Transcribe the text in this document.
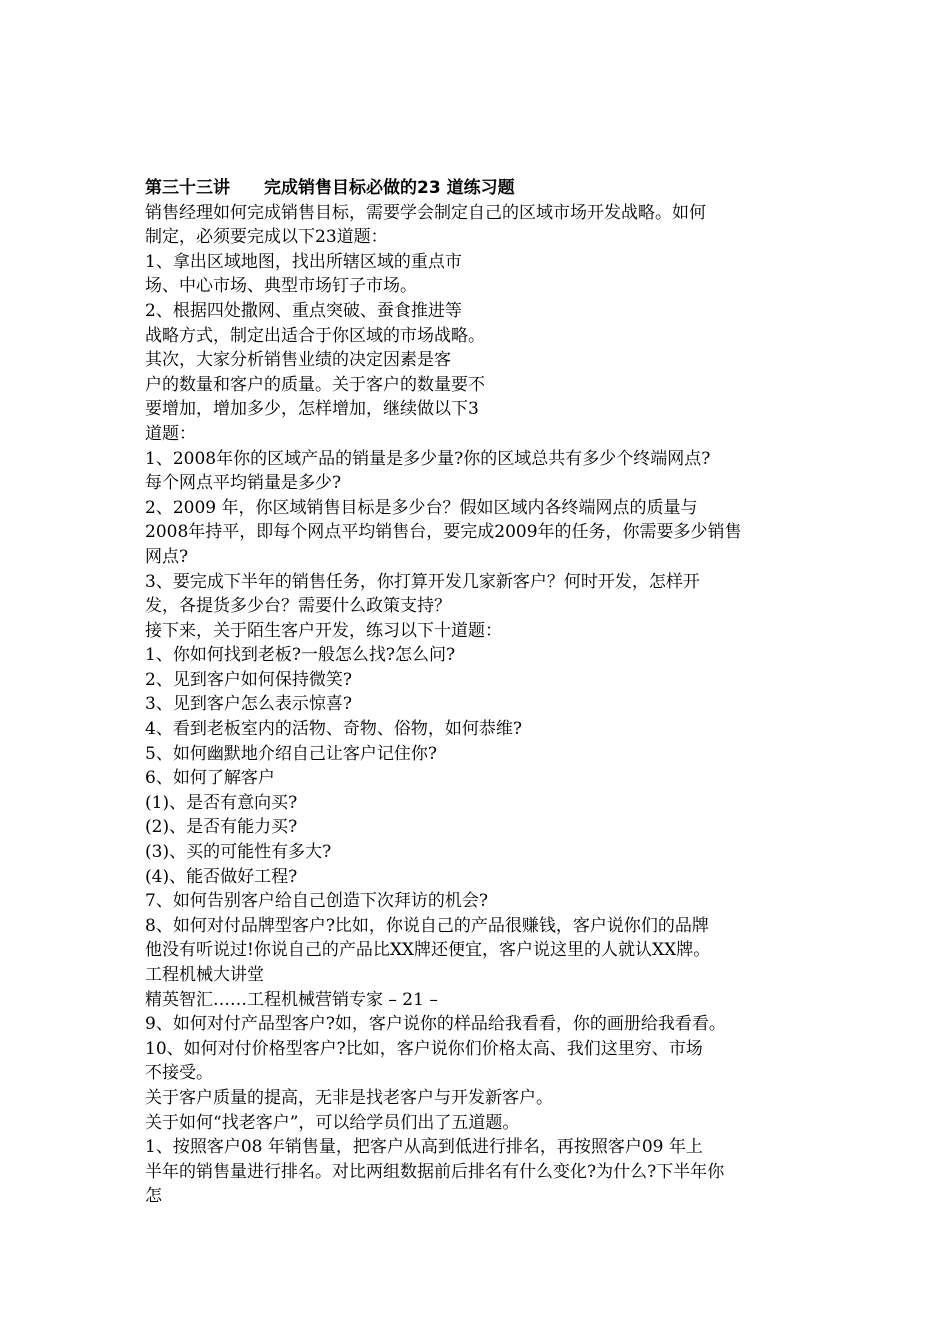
第三十三讲　　完成销售目标必做的23 道练习题
销售经理如何完成销售目标，需要学会制定自己的区域市场开发战略。如何
制定，必须要完成以下23道题：
1、拿出区域地图，找出所辖区域的重点市
场、中心市场、典型市场钉子市场。
2、根据四处撒网、重点突破、蚕食推进等
战略方式，制定出适合于你区域的市场战略。
其次，大家分析销售业绩的决定因素是客
户的数量和客户的质量。关于客户的数量要不
要增加，增加多少，怎样增加，继续做以下3
道题：
1、2008年你的区域产品的销量是多少量?你的区域总共有多少个终端网点?
每个网点平均销量是多少?
2、2009 年，你区域销售目标是多少台？假如区域内各终端网点的质量与
2008年持平，即每个网点平均销售台，要完成2009年的任务，你需要多少销售
网点?
3、要完成下半年的销售任务，你打算开发几家新客户？何时开发，怎样开
发，各提货多少台？需要什么政策支持？
接下来，关于陌生客户开发，练习以下十道题：
1、你如何找到老板?一般怎么找?怎么问?
2、见到客户如何保持微笑?
3、见到客户怎么表示惊喜?
4、看到老板室内的活物、奇物、俗物，如何恭维?
5、如何幽默地介绍自己让客户记住你?
6、如何了解客户
(1)、是否有意向买?
(2)、是否有能力买?
(3)、买的可能性有多大?
(4)、能否做好工程?
7、如何告别客户给自己创造下次拜访的机会?
8、如何对付品牌型客户?比如，你说自己的产品很赚钱，客户说你们的品牌
他没有听说过!你说自己的产品比XX牌还便宜，客户说这里的人就认XX牌。
工程机械大讲堂
精英智汇……工程机械营销专家 – 21 –
9、如何对付产品型客户?如，客户说你的样品给我看看，你的画册给我看看。
10、如何对付价格型客户?比如，客户说你们价格太高、我们这里穷、市场
不接受。
关于客户质量的提高，无非是找老客户与开发新客户。
关于如何“找老客户”，可以给学员们出了五道题。
1、按照客户08 年销售量，把客户从高到低进行排名，再按照客户09 年上
半年的销售量进行排名。对比两组数据前后排名有什么变化?为什么?下半年你
怎
